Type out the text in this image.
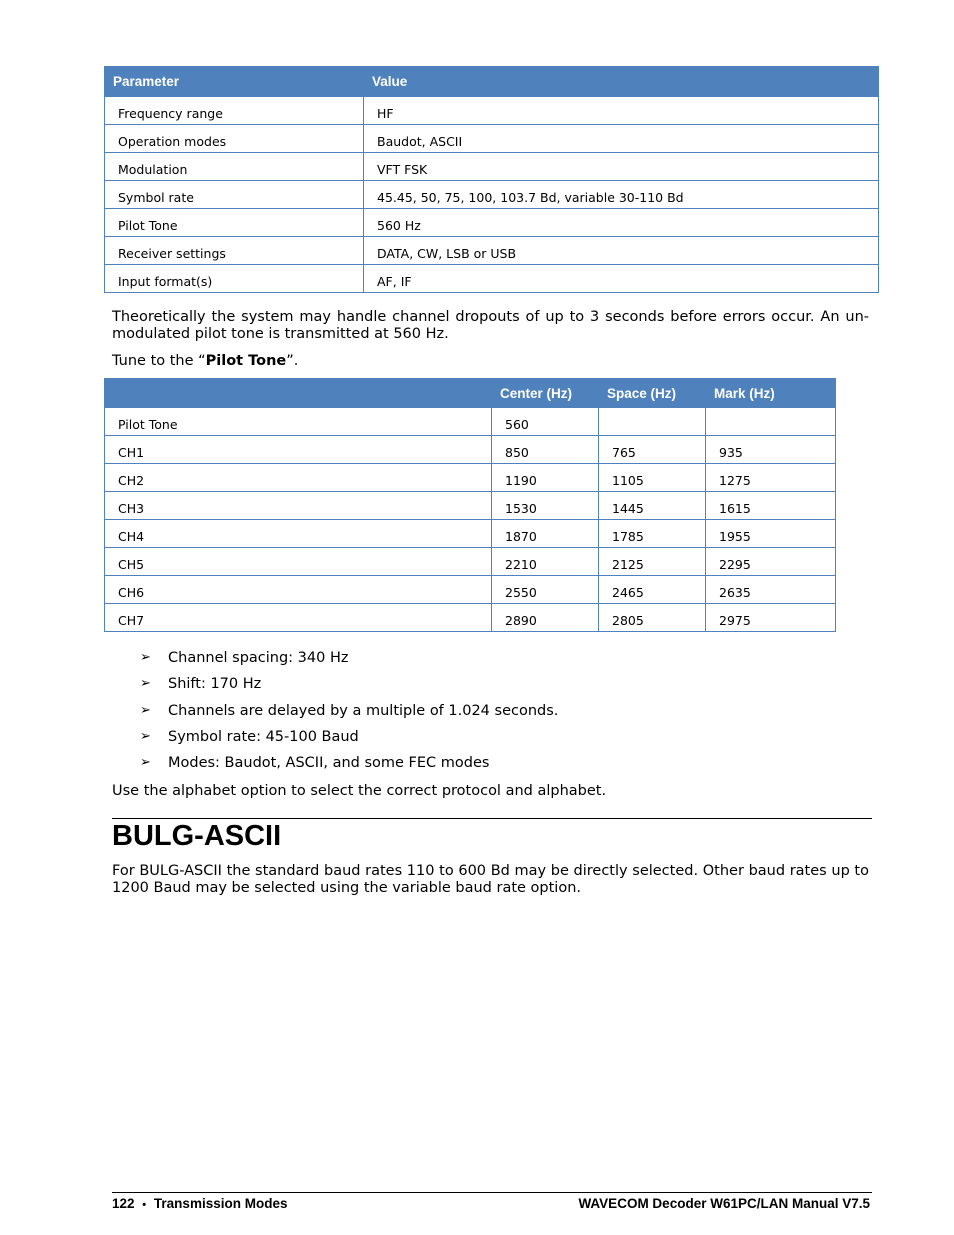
Parameter	Value
Frequency range	HF
Operation modes	Baudot, ASCII
Modulation	VFT FSK
Symbol rate	45.45, 50, 75, 100, 103.7 Bd, variable 30-110 Bd
Pilot Tone	560 Hz
Receiver settings	DATA, CW, LSB or USB
Input format(s)	AF, IF

Theoretically the system may handle channel dropouts of up to 3 seconds before errors occur. An un-modulated pilot tone is transmitted at 560 Hz.

Tune to the “Pilot Tone”.

	Center (Hz)	Space (Hz)	Mark (Hz)
Pilot Tone	560		
CH1	850	765	935
CH2	1190	1105	1275
CH3	1530	1445	1615
CH4	1870	1785	1955
CH5	2210	2125	2295
CH6	2550	2465	2635
CH7	2890	2805	2975
➢	Channel spacing: 340 Hz
➢	Shift: 170 Hz
➢	Channels are delayed by a multiple of 1.024 seconds.
➢	Symbol rate: 45-100 Baud
➢	Modes: Baudot, ASCII, and some FEC modes

Use the alphabet option to select the correct protocol and alphabet.

BULG-ASCII

For BULG-ASCII the standard baud rates 110 to 600 Bd may be directly selected. Other baud rates up to 1200 Baud may be selected using the variable baud rate option.

122 • Transmission Modes	WAVECOM Decoder W61PC/LAN Manual V7.5
